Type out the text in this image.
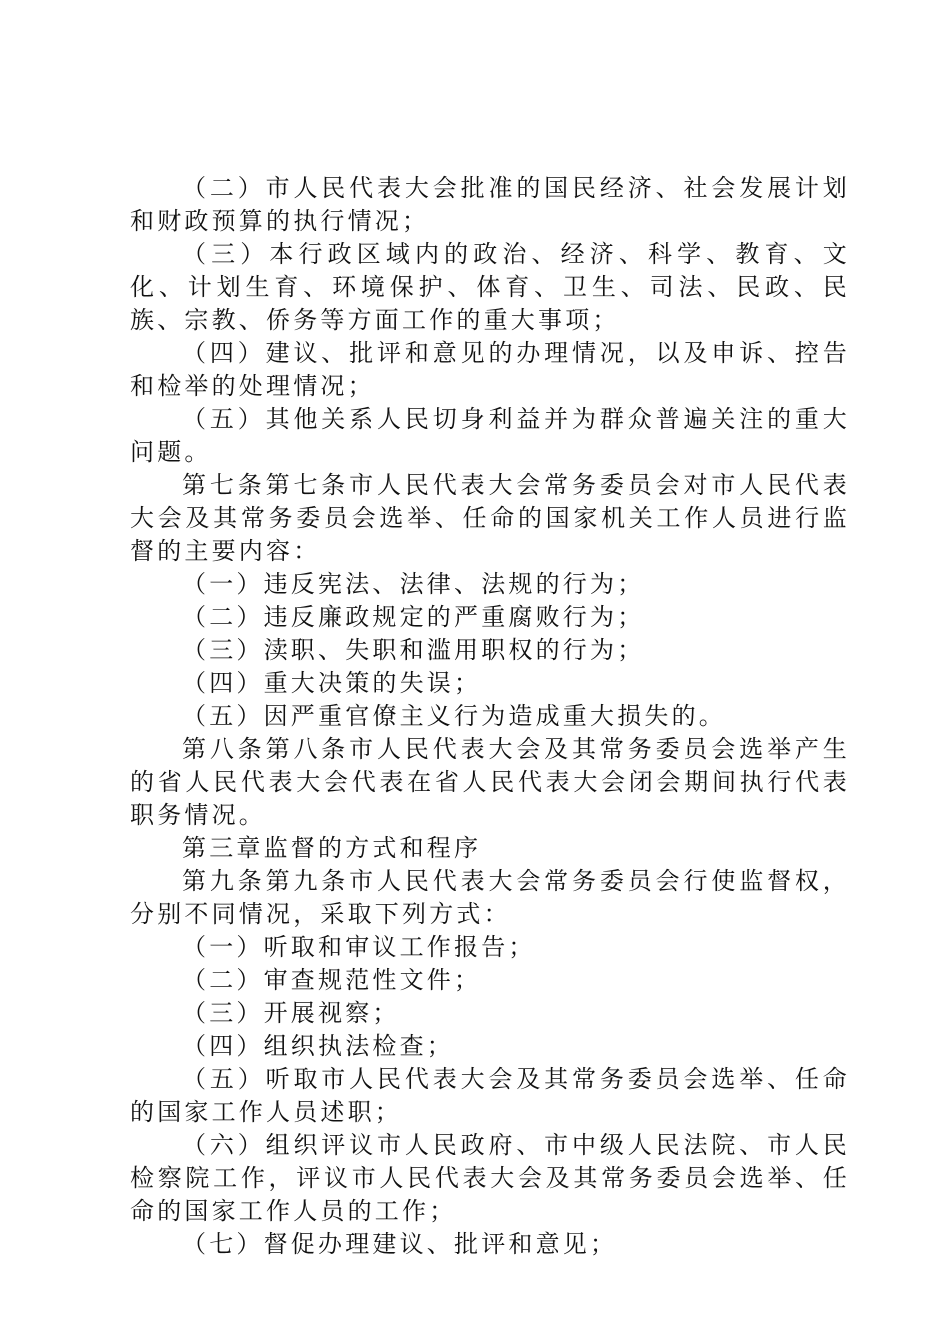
（二）市人民代表大会批准的国民经济、社会发展计划和财政预算的执行情况；

（三）本行政区域内的政治、经济、科学、教育、文化、计划生育、环境保护、体育、卫生、司法、民政、民族、宗教、侨务等方面工作的重大事项；

（四）建议、批评和意见的办理情况，以及申诉、控告和检举的处理情况；

（五）其他关系人民切身利益并为群众普遍关注的重大问题。

第七条第七条市人民代表大会常务委员会对市人民代表大会及其常务委员会选举、任命的国家机关工作人员进行监督的主要内容：

（一）违反宪法、法律、法规的行为；

（二）违反廉政规定的严重腐败行为；

（三）渎职、失职和滥用职权的行为；

（四）重大决策的失误；

（五）因严重官僚主义行为造成重大损失的。

第八条第八条市人民代表大会及其常务委员会选举产生的省人民代表大会代表在省人民代表大会闭会期间执行代表职务情况。

第三章监督的方式和程序

第九条第九条市人民代表大会常务委员会行使监督权，分别不同情况，采取下列方式：

（一）听取和审议工作报告；

（二）审查规范性文件；

（三）开展视察；

（四）组织执法检查；

（五）听取市人民代表大会及其常务委员会选举、任命的国家工作人员述职；

（六）组织评议市人民政府、市中级人民法院、市人民检察院工作，评议市人民代表大会及其常务委员会选举、任命的国家工作人员的工作；

（七）督促办理建议、批评和意见；
